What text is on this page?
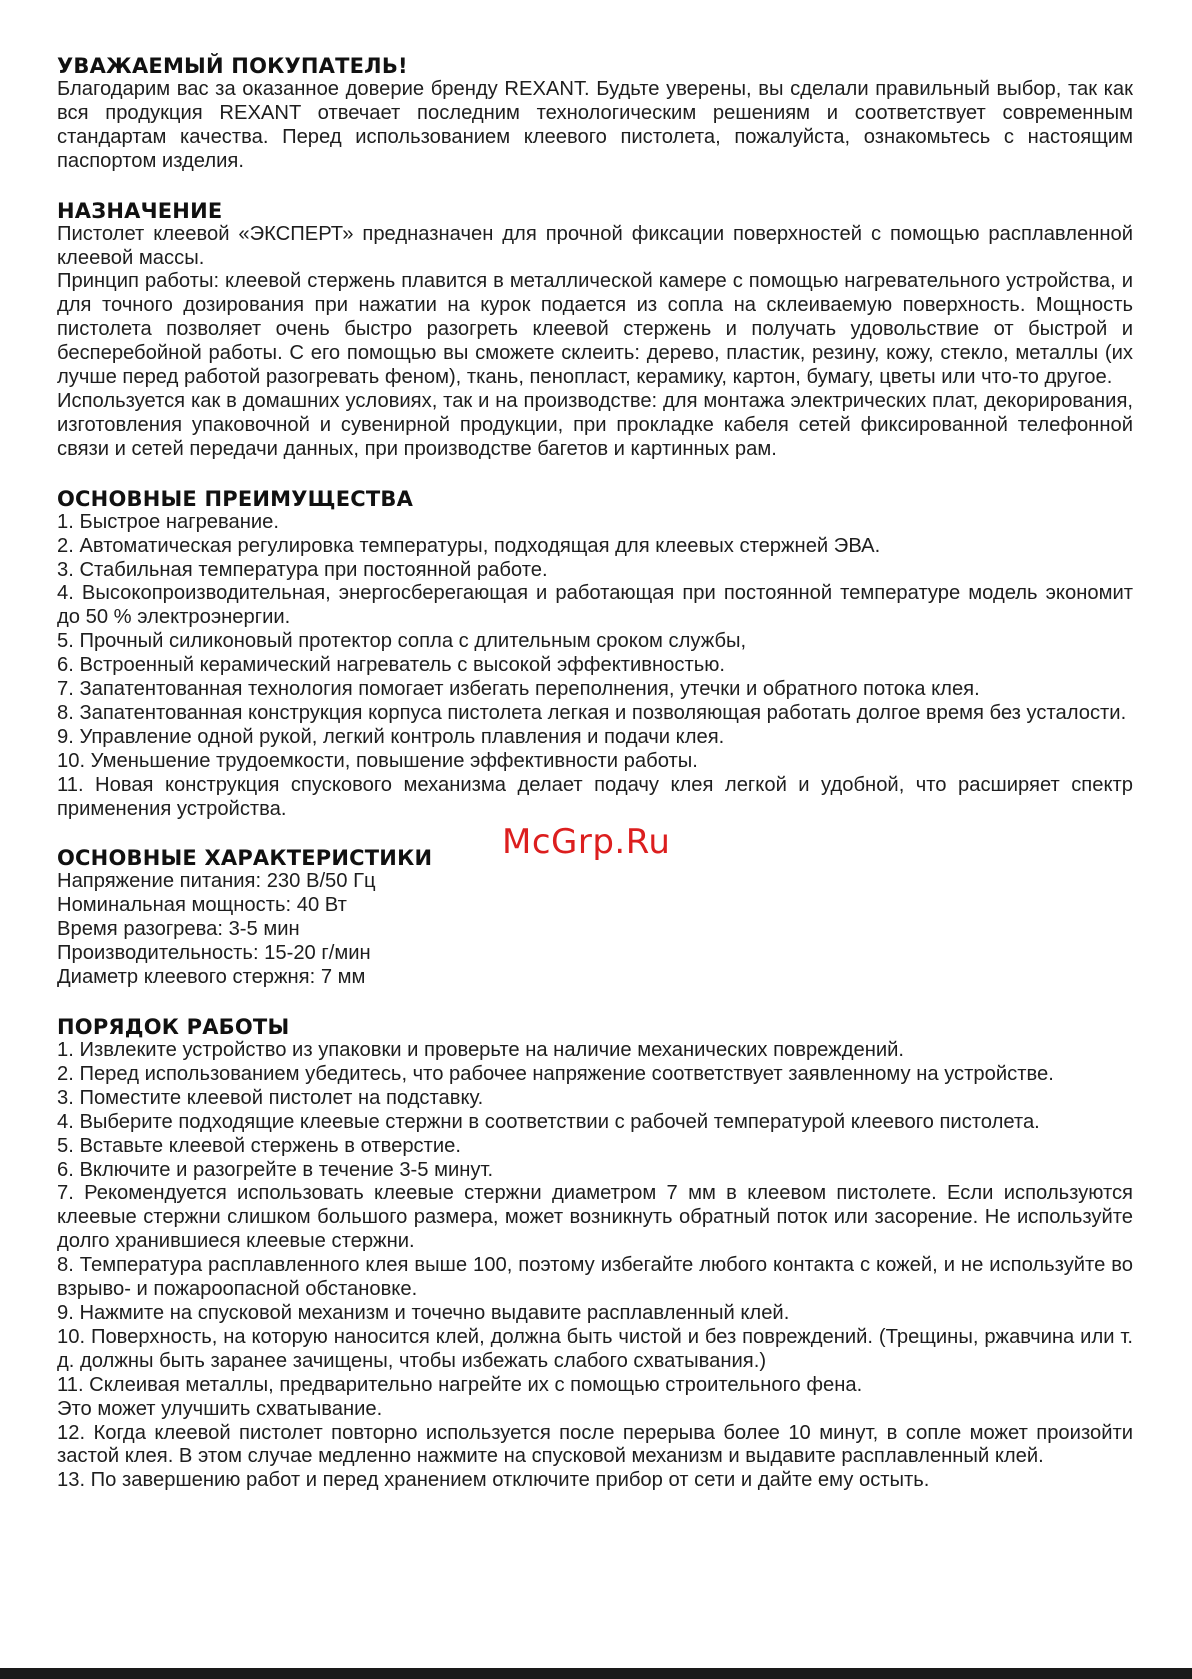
УВАЖАЕМЫЙ ПОКУПАТЕЛЬ!

Благодарим вас за оказанное доверие бренду REXANT. Будьте уверены, вы сделали правильный выбор, так как вся продукция REXANT отвечает последним технологическим решениям и соответствует современным стандартам качества. Перед использованием клеевого пистолета, пожалуйста, ознакомьтесь с настоящим паспортом изделия.

НАЗНАЧЕНИЕ

Пистолет клеевой «ЭКСПЕРТ» предназначен для прочной фиксации поверхностей с помощью расплавленной клеевой массы.

Принцип работы: клеевой стержень плавится в металлической камере с помощью нагревательного устройства, и для точного дозирования при нажатии на курок подается из сопла на склеиваемую поверхность. Мощность пистолета позволяет очень быстро разогреть клеевой стержень и получать удовольствие от быстрой и бесперебойной работы. С его помощью вы сможете склеить: дерево, пластик, резину, кожу, стекло, металлы (их лучше перед работой разогревать феном), ткань, пенопласт, керамику, картон, бумагу, цветы или что-то другое.

Используется как в домашних условиях, так и на производстве: для монтажа электрических плат, декорирования, изготовления упаковочной и сувенирной продукции, при прокладке кабеля сетей фиксированной телефонной связи и сетей передачи данных, при производстве багетов и картинных рам.

ОСНОВНЫЕ ПРЕИМУЩЕСТВА

1. Быстрое нагревание.

2. Автоматическая регулировка температуры, подходящая для клеевых стержней ЭВА.

3. Стабильная температура при постоянной работе.

4. Высокопроизводительная, энергосберегающая и работающая при постоянной температуре модель экономит до 50 % электроэнергии.

5. Прочный силиконовый протектор сопла с длительным сроком службы,

6. Встроенный керамический нагреватель с высокой эффективностью.

7. Запатентованная технология помогает избегать переполнения, утечки и обратного потока клея.

8. Запатентованная конструкция корпуса пистолета легкая и позволяющая работать долгое время без усталости.

9. Управление одной рукой, легкий контроль плавления и подачи клея.

10. Уменьшение трудоемкости, повышение эффективности работы.

11. Новая конструкция спускового механизма делает подачу клея легкой и удобной, что расширяет спектр применения устройства.

ОСНОВНЫЕ ХАРАКТЕРИСТИКИ

Напряжение питания: 230 В/50 Гц

Номинальная мощность: 40 Вт

Время разогрева: 3-5 мин

Производительность: 15-20 г/мин

Диаметр клеевого стержня: 7 мм

ПОРЯДОК РАБОТЫ

1. Извлеките устройство из упаковки и проверьте на наличие механических повреждений.

2. Перед использованием убедитесь, что рабочее напряжение соответствует заявленному на устройстве.

3. Поместите клеевой пистолет на подставку.

4. Выберите подходящие клеевые стержни в соответствии с рабочей температурой клеевого пистолета.

5. Вставьте клеевой стержень в отверстие.

6. Включите и разогрейте в течение 3-5 минут.

7. Рекомендуется использовать клеевые стержни диаметром 7 мм в клеевом пистолете. Если используются клеевые стержни слишком большого размера, может возникнуть обратный поток или засорение. Не используйте долго хранившиеся клеевые стержни.

8. Температура расплавленного клея выше 100, поэтому избегайте любого контакта с кожей, и не используйте во взрыво- и пожароопасной обстановке.

9. Нажмите на спусковой механизм и точечно выдавите расплавленный клей.

10. Поверхность, на которую наносится клей, должна быть чистой и без повреждений. (Трещины, ржавчина или т. д. должны быть заранее зачищены, чтобы избежать слабого схватывания.)

11. Склеивая металлы, предварительно нагрейте их с помощью строительного фена.

Это может улучшить схватывание.

12. Когда клеевой пистолет повторно используется после перерыва более 10 минут, в сопле может произойти застой клея. В этом случае медленно нажмите на спусковой механизм и выдавите расплавленный клей.

13. По завершению работ и перед хранением отключите прибор от сети и дайте ему остыть.

McGrp.Ru
